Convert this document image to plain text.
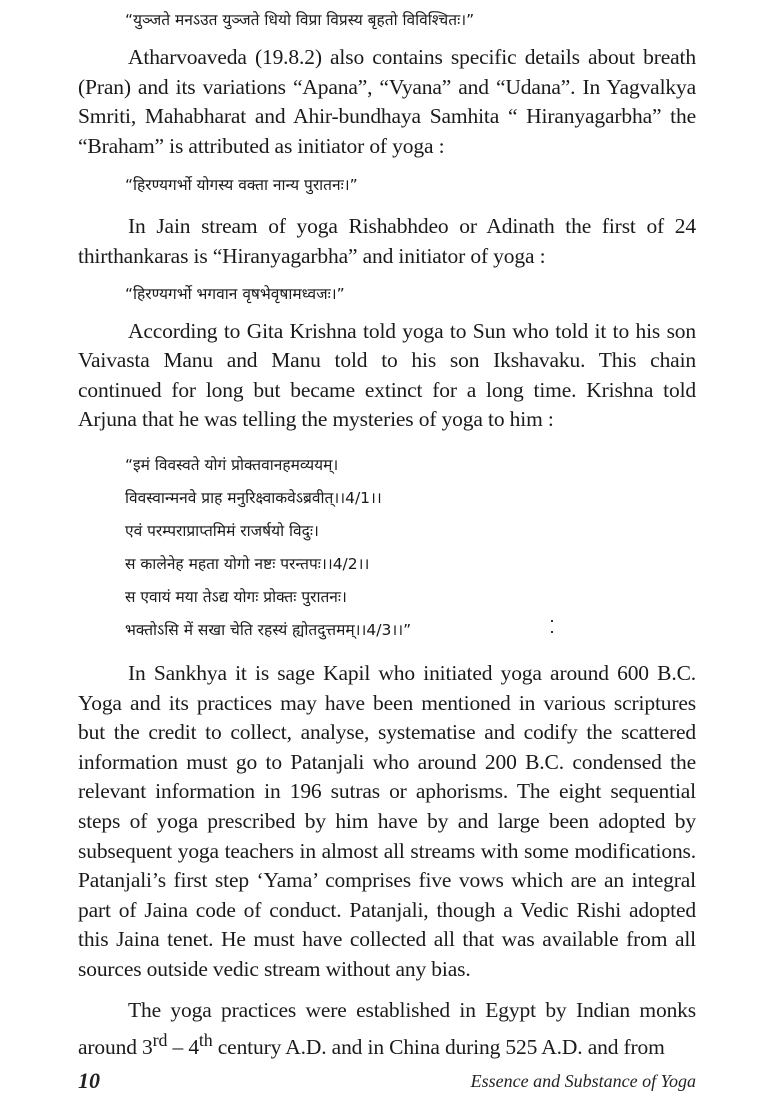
“युञ्जते मनऽउत युञ्जते धियो विप्रा विप्रस्य बृहतो विविश्चितः।”

Atharvoaveda (19.8.2) also contains specific details about breath (Pran) and its variations “Apana”, “Vyana” and “Udana”. In Yagvalkya Smriti, Mahabharat and Ahir-bundhaya Samhita “ Hiranyagarbha” the “Braham” is attributed as initiator of yoga :

“हिरण्यगर्भो योगस्य वक्ता नान्य पुरातनः।”

In Jain stream of yoga Rishabhdeo or Adinath the first of 24 thirthankaras is “Hiranyagarbha” and initiator of yoga :

“हिरण्यगर्भो भगवान वृषभेवृषामध्वजः।”

According to Gita Krishna told yoga to Sun who told it to his son Vaivasta Manu and Manu told to his son Ikshavaku. This chain continued for long but became extinct for a long time. Krishna told Arjuna that he was telling the mysteries of yoga to him :

“इमं विवस्वते योगं प्रोक्तवानहमव्ययम्।

विवस्वान्मनवे प्राह मनुरिक्ष्वाकवेऽब्रवीत्।।4/1।।

एवं परम्पराप्राप्तमिमं राजर्षयो विदुः।

स कालेनेह महता योगो नष्टः परन्तपः।।4/2।।

स एवायं मया तेऽद्य योगः प्रोक्तः पुरातनः।

भक्तोऽसि में सखा चेति रहस्यं ह्योतदुत्तमम्।।4/3।।”

In Sankhya it is sage Kapil who initiated yoga around 600 B.C. Yoga and its practices may have been mentioned in various scriptures but the credit to collect, analyse, systematise and codify the scattered information must go to Patanjali who around 200 B.C. condensed the relevant information in 196 sutras or aphorisms. The eight sequential steps of yoga prescribed by him have by and large been adopted by subsequent yoga teachers in almost all streams with some modifications. Patanjali’s first step ‘Yama’ comprises five vows which are an integral part of Jaina code of conduct. Patanjali, though a Vedic Rishi adopted this Jaina tenet. He must have collected all that was available from all sources outside vedic stream without any bias.

The yoga practices were established in Egypt by Indian monks around 3rd – 4th century A.D. and in China during 525 A.D. and from

10	Essence and Substance of Yoga
